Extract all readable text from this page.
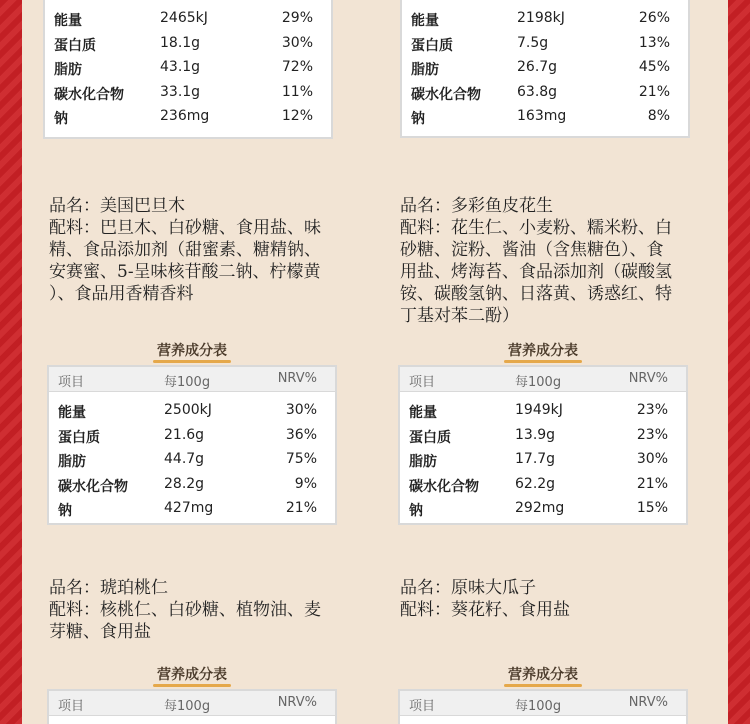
能量	2465kJ	29%
蛋白质	18.1g	30%
脂肪	43.1g	72%
碳水化合物	33.1g	11%
钠	236mg	12%
能量	2198kJ	26%
蛋白质	7.5g	13%
脂肪	26.7g	45%
碳水化合物	63.8g	21%
钠	163mg	8%

品名：美国巴旦木

配料：巴旦木、白砂糖、食用盐、味

精、食品添加剂（甜蜜素、糖精钠、

安赛蜜、5-呈味核苷酸二钠、柠檬黄

）、食品用香精香料

品名：多彩鱼皮花生

配料：花生仁、小麦粉、糯米粉、白

砂糖、淀粉、酱油（含焦糖色）、食

用盐、烤海苔、食品添加剂（碳酸氢

铵、碳酸氢钠、日落黄、诱惑红、特

丁基对苯二酚）

营养成分表	营养成分表
项目	每100g	NRV%
能量	2500kJ	30%
蛋白质	21.6g	36%
脂肪	44.7g	75%
碳水化合物	28.2g	9%
钠	427mg	21%
项目	每100g	NRV%
能量	1949kJ	23%
蛋白质	13.9g	23%
脂肪	17.7g	30%
碳水化合物	62.2g	21%
钠	292mg	15%

品名：琥珀桃仁

配料：核桃仁、白砂糖、植物油、麦

芽糖、食用盐

品名：原味大瓜子

配料：葵花籽、食用盐

营养成分表	营养成分表
项目	每100g	NRV%	项目	每100g	NRV%
